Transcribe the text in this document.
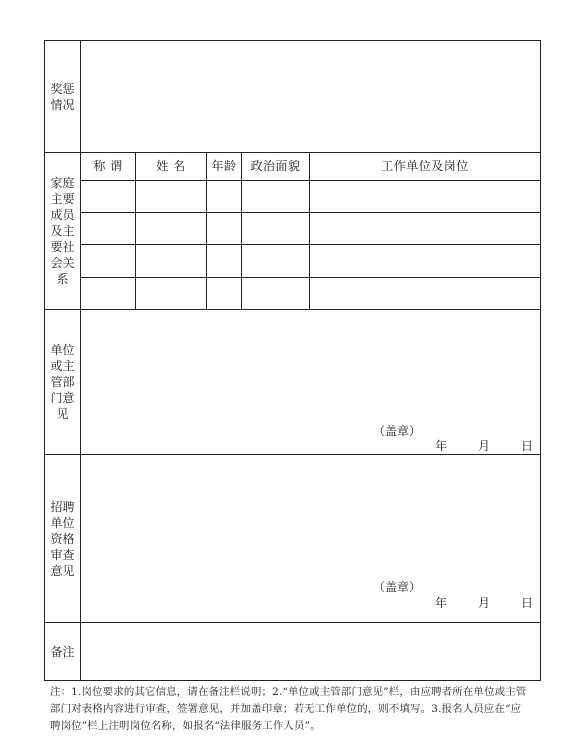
奖惩情况					

家庭主要成员及主要社会关系	称 谓	姓 名	年龄	政治面貌	工作单位及岗位

单位或主管部门意见	（盖章）
年 月 日				

招聘单位资格审查意见	（盖章）
年 月 日				

备注					

注：1.岗位要求的其它信息，请在备注栏说明；2.“单位或主管部门意见”栏，由应聘者所在单位或主管部门对表格内容进行审查，签署意见，并加盖印章；若无工作单位的，则不填写。3.报名人员应在“应聘岗位”栏上注明岗位名称，如报名“法律服务工作人员”。
